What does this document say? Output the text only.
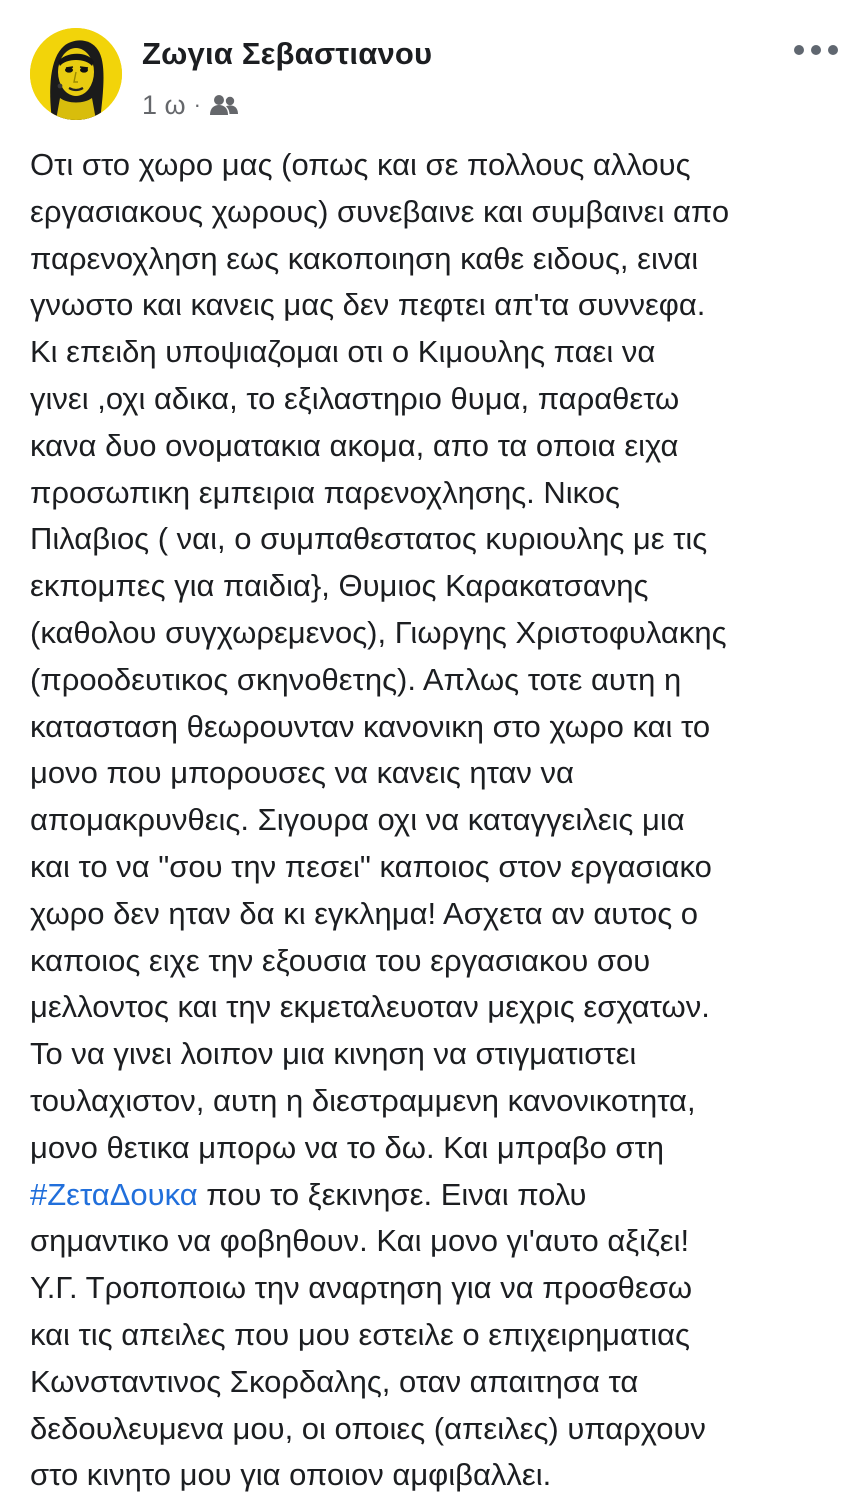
Ζωγια Σεβαστιανου
1 ω ·
Οτι στο χωρο μας (οπως και σε πολλους αλλους
εργασιακους χωρους) συνεβαινε και συμβαινει απο
παρενοχληση εως κακοποιηση καθε ειδους, ειναι
γνωστο και κανεις μας δεν πεφτει απ'τα συννεφα.
Κι επειδη υποψιαζομαι οτι ο Κιμουλης παει να
γινει ,οχι αδικα, το εξιλαστηριο θυμα, παραθετω
κανα δυο ονοματακια ακομα, απο τα οποια ειχα
προσωπικη εμπειρια παρενοχλησης. Νικος
Πιλαβιος ( ναι, ο συμπαθεστατος κυριουλης με τις
εκπομπες για παιδια}, Θυμιος Καρακατσανης
(καθολου συγχωρεμενος), Γιωργης Χριστοφυλακης
(προοδευτικος σκηνοθετης). Απλως τοτε αυτη η
κατασταση θεωρουνταν κανονικη στο χωρο και το
μονο που μπορουσες να κανεις ηταν να
απομακρυνθεις. Σιγουρα οχι να καταγγειλεις μια
και το να "σου την πεσει" καποιος στον εργασιακο
χωρο δεν ηταν δα κι εγκλημα! Ασχετα αν αυτος ο
καποιος ειχε την εξουσια του εργασιακου σου
μελλοντος και την εκμεταλευοταν μεχρις εσχατων.
Το να γινει λοιπον μια κινηση να στιγματιστει
τουλαχιστον, αυτη η διεστραμμενη κανονικοτητα,
μονο θετικα μπορω να το δω. Και μπραβο στη
#ΖεταΔουκα που το ξεκινησε. Ειναι πολυ
σημαντικο να φοβηθουν. Και μονο γι'αυτο αξιζει!
Υ.Γ. Τροποποιω την αναρτηση για να προσθεσω
και τις απειλες που μου εστειλε ο επιχειρηματιας
Κωνσταντινος Σκορδαλης, οταν απαιτησα τα
δεδουλευμενα μου, οι οποιες (απειλες) υπαρχουν
στο κινητο μου για οποιον αμφιβαλλει.
